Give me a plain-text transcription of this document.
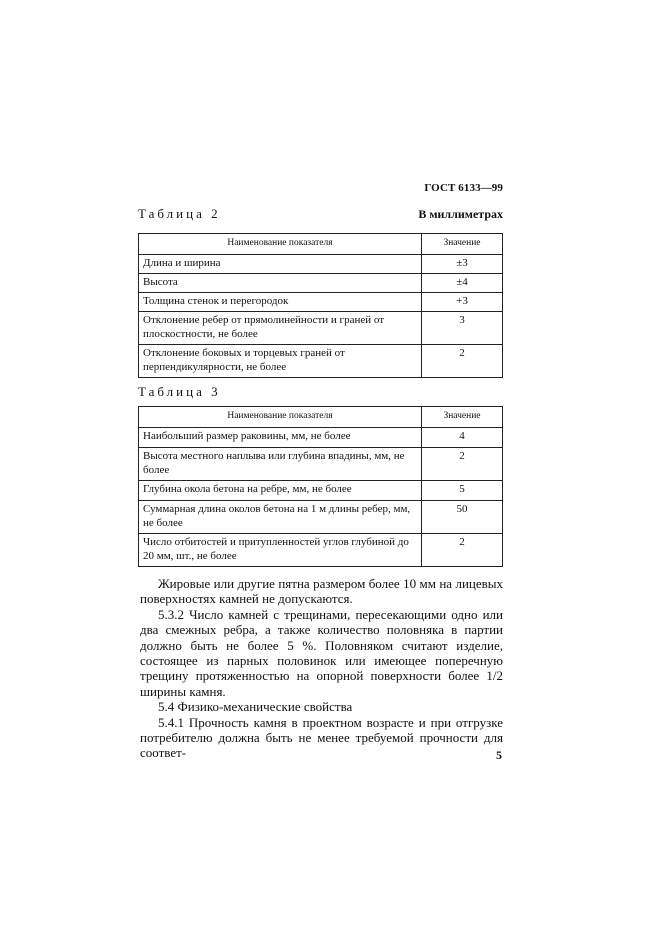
ГОСТ 6133—99
Таблица 2	В миллиметрах
Наименование показателя	Значение
Длина и ширина	±3
Высота	±4
Толщина стенок и перегородок	+3
Отклонение ребер от прямолинейности и граней от плоскостности, не более	3
Отклонение боковых и торцевых граней от перпендикулярности, не более	2
Таблица 3
Наименование показателя	Значение
Наибольший размер раковины, мм, не более	4
Высота местного наплыва или глубина впадины, мм, не более	2
Глубина окола бетона на ребре, мм, не более	5
Суммарная длина околов бетона на 1 м длины ребер, мм, не более	50
Число отбитостей и притупленностей углов глубиной до 20 мм, шт., не более	2

Жировые или другие пятна размером более 10 мм на лицевых поверхностях камней не допускаются.

5.3.2 Число камней с трещинами, пересекающими одно или два смежных ребра, а также количество половняка в партии должно быть не более 5 %. Половняком считают изделие, состоящее из парных половинок или имеющее поперечную трещину протяженностью на опорной поверхности более 1/2 ширины камня.

5.4 Физико-механические свойства

5.4.1 Прочность камня в проектном возрасте и при отгрузке потребителю должна быть не менее требуемой прочности для соответ-	5
